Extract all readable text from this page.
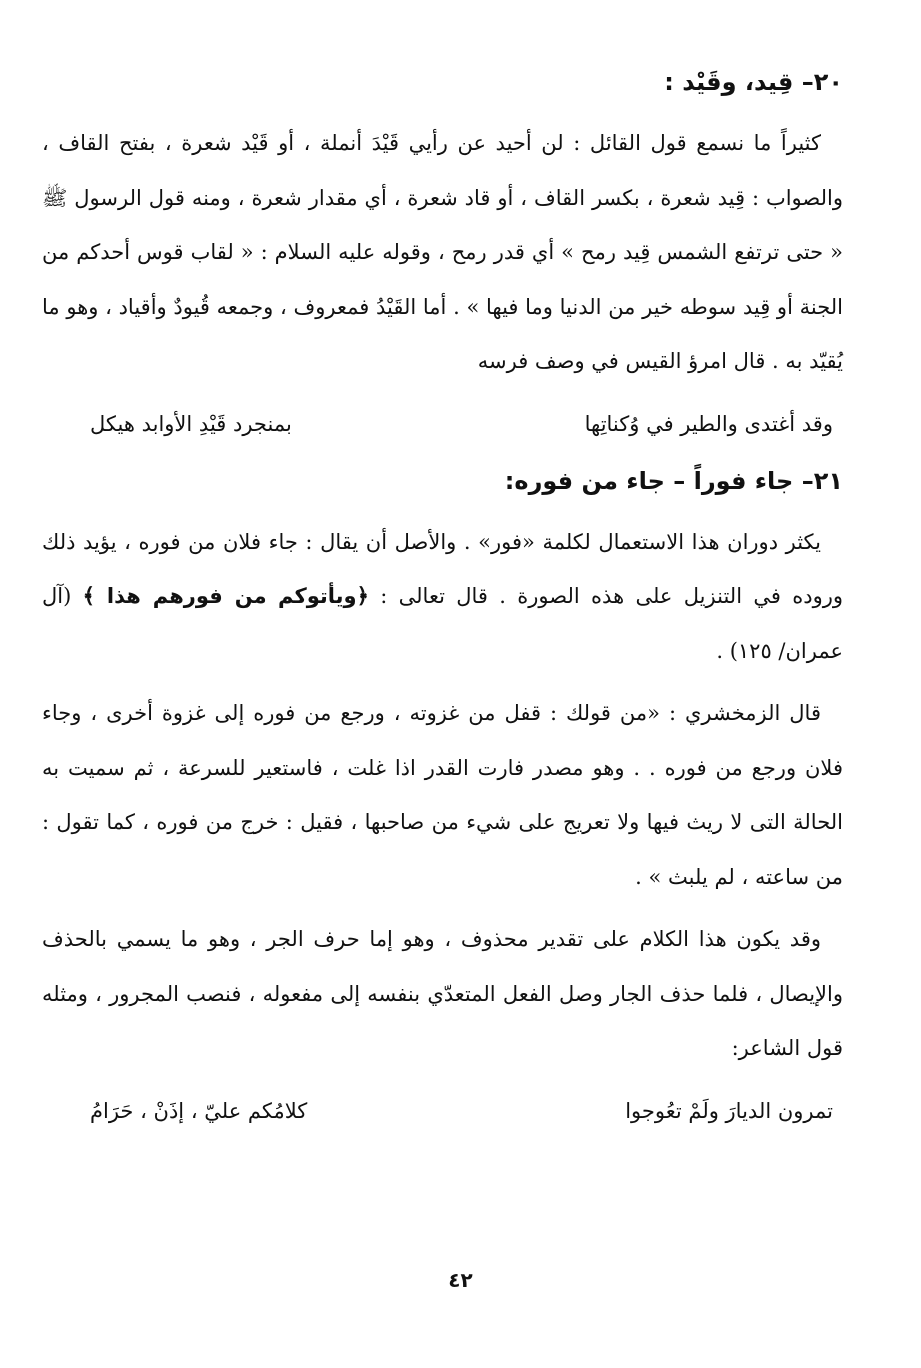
٢٠– قِيد، وقَيْد :
كثيراً ما نسمع قول القائل : لن أحيد عن رأيي قَيْدَ أنملة ، أو قَيْد شعرة ، بفتح القاف ، والصواب : قِيد شعرة ، بكسر القاف ، أو قاد شعرة ، أي مقدار شعرة ، ومنه قول الرسول ﷺ « حتى ترتفع الشمس قِيد رمح » أي قدر رمح ، وقوله عليه السلام : « لقاب قوس أحدكم من الجنة أو قِيد سوطه خير من الدنيا وما فيها » . أما القَيْدُ فمعروف ، وجمعه قُيودٌ وأقياد ، وهو ما يُقيّد به . قال امرؤ القيس في وصف فرسه
وقد أغتدى والطير في وُكناتِها
بمنجرد قَيْدِ الأوابد هيكل
٢١– جاء فوراً – جاء من فوره:
يكثر دوران هذا الاستعمال لكلمة «فور» . والأصل أن يقال : جاء فلان من فوره ، يؤيد ذلك وروده في التنزيل على هذه الصورة . قال تعالى : ﴿ويأتوكم من فورهم هذا ﴾ (آل عمران/ ١٢٥) .
قال الزمخشري : «من قولك : قفل من غزوته ، ورجع من فوره إلى غزوة أخرى ، وجاء فلان ورجع من فوره . . وهو مصدر فارت القدر اذا غلت ، فاستعير للسرعة ، ثم سميت به الحالة التى لا ريث فيها ولا تعريج على شيء من صاحبها ، فقيل : خرج من فوره ، كما تقول : من ساعته ، لم يلبث » .
وقد يكون هذا الكلام على تقدير محذوف ، وهو إما حرف الجر ، وهو ما يسمي بالحذف والإيصال ، فلما حذف الجار وصل الفعل المتعدّي بنفسه إلى مفعوله ، فنصب المجرور ، ومثله قول الشاعر:
تمرون الديارَ ولَمْ تعُوجوا
كلامُكم عليّ ، إذَنْ ، حَرَامُ
٤٢
